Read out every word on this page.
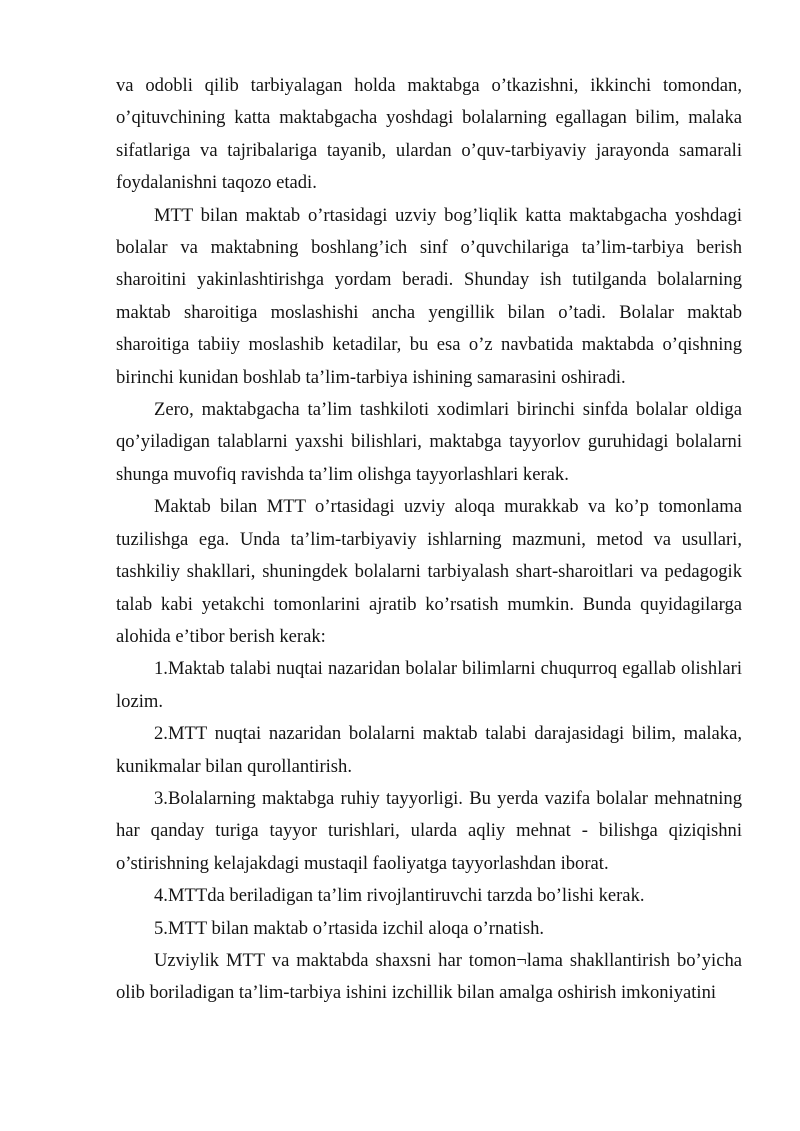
va odobli qilib tarbiyalagan holda maktabga o’tkazishni, ikkinchi tomondan, o’qituvchining katta maktabgacha yoshdagi bolalarning egallagan bilim, malaka sifatlariga va tajribalariga tayanib, ulardan o’quv-tarbiyaviy jarayonda samarali foydalanishni taqozo etadi.

MTT bilan maktab o’rtasidagi uzviy bog’liqlik katta maktabgacha yoshdagi bolalar va maktabning boshlang’ich sinf o’quvchilariga ta’lim-tarbiya berish sharoitini yakinlashtirishga yordam beradi. Shunday ish tutilganda bolalarning maktab sharoitiga moslashishi ancha yengillik bilan o’tadi. Bolalar maktab sharoitiga tabiiy moslashib ketadilar, bu esa o’z navbatida maktabda o’qishning birinchi kunidan boshlab ta’lim-tarbiya ishining samarasini oshiradi.

Zero, maktabgacha ta’lim tashkiloti xodimlari birinchi sinfda bolalar oldiga qo’yiladigan talablarni yaxshi bilishlari, maktabga tayyorlov guruhidagi bolalarni shunga muvofiq ravishda ta’lim olishga tayyorlashlari kerak.

Maktab bilan MTT o’rtasidagi uzviy aloqa murakkab va ko’p tomonlama tuzilishga ega. Unda ta’lim-tarbiyaviy ishlarning mazmuni, metod va usullari, tashkiliy shakllari, shuningdek bolalarni tarbiyalash shart-sharoitlari va pedagogik talab kabi yetakchi tomonlarini ajratib ko’rsatish mumkin. Bunda quyidagilarga alohida e’tibor berish kerak:

1.Maktab talabi nuqtai nazaridan bolalar bilimlarni chuqurroq egallab olishlari lozim.

2.MTT nuqtai nazaridan bolalarni maktab talabi darajasidagi bilim, malaka, kunikmalar bilan qurollantirish.

3.Bolalarning maktabga ruhiy tayyorligi. Bu yerda vazifa bolalar mehnatning har qanday turiga tayyor turishlari, ularda aqliy mehnat - bilishga qiziqishni o’stirishning kelajakdagi mustaqil faoliyatga tayyorlashdan iborat.

4.MTTda beriladigan ta’lim rivojlantiruvchi tarzda bo’lishi kerak.

5.MTT bilan maktab o’rtasida izchil aloqa o’rnatish.

Uzviylik MTT va maktabda shaxsni har tomon¬lama shakllantirish bo’yicha olib boriladigan ta’lim-tarbiya ishini izchillik bilan amalga oshirish imkoniyatini
